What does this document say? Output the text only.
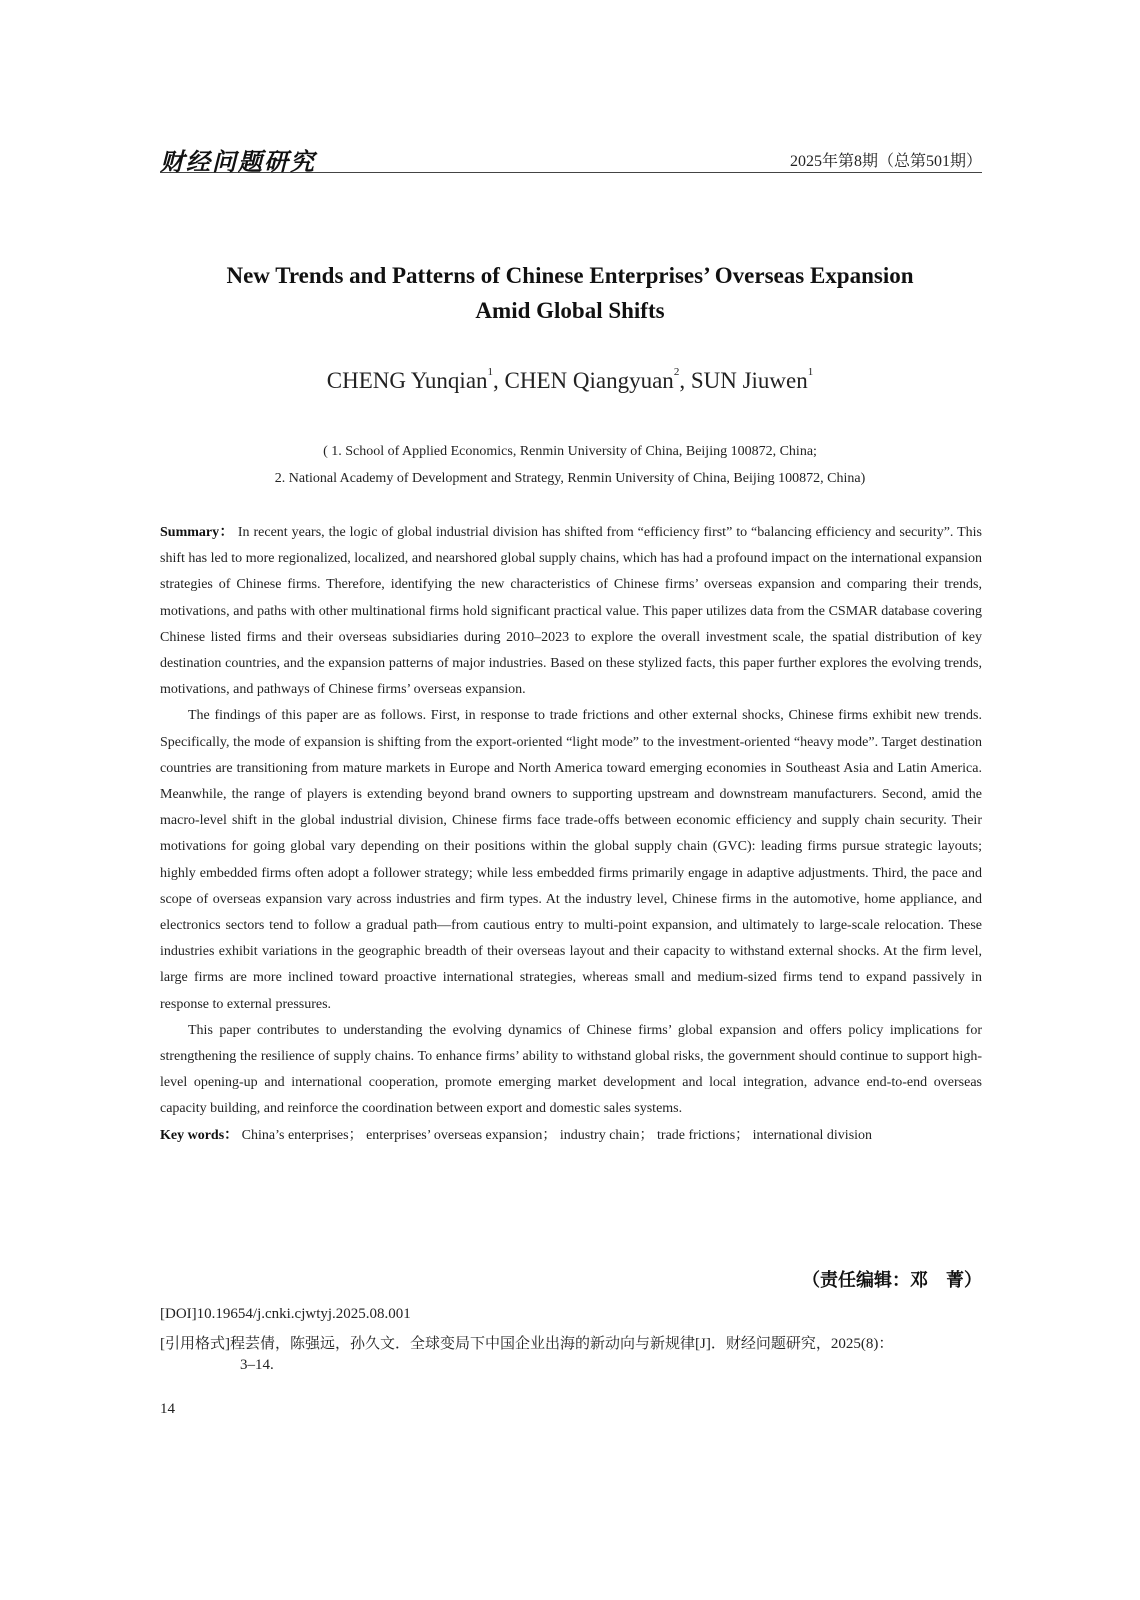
财经问题研究	2025年第8期（总第501期）
New Trends and Patterns of Chinese Enterprises’ Overseas Expansion
Amid Global Shifts
CHENG Yunqian$^1$, CHEN Qiangyuan$^2$, SUN Jiuwen$^1$
( 1. School of Applied Economics, Renmin University of China, Beijing 100872, China;
2. National Academy of Development and Strategy, Renmin University of China, Beijing 100872, China)

Summary： In recent years, the logic of global industrial division has shifted from “efficiency first” to “balancing efficiency and security”. This shift has led to more regionalized, localized, and nearshored global supply chains, which has had a profound impact on the international expansion strategies of Chinese firms. Therefore, identifying the new characteristics of Chinese firms’ overseas expansion and comparing their trends, motivations, and paths with other multinational firms hold significant practical value. This paper utilizes data from the CSMAR database covering Chinese listed firms and their overseas subsidiaries during 2010–2023 to explore the overall investment scale, the spatial distribution of key destination countries, and the expansion patterns of major industries. Based on these stylized facts, this paper further explores the evolving trends, motivations, and pathways of Chinese firms’ overseas expansion.

The findings of this paper are as follows. First, in response to trade frictions and other external shocks, Chinese firms exhibit new trends. Specifically, the mode of expansion is shifting from the export-oriented “light mode” to the investment-oriented “heavy mode”. Target destination countries are transitioning from mature markets in Europe and North America toward emerging economies in Southeast Asia and Latin America. Meanwhile, the range of players is extending beyond brand owners to supporting upstream and downstream manufacturers. Second, amid the macro-level shift in the global industrial division, Chinese firms face trade-offs between economic efficiency and supply chain security. Their motivations for going global vary depending on their positions within the global supply chain (GVC): leading firms pursue strategic layouts; highly embedded firms often adopt a follower strategy; while less embedded firms primarily engage in adaptive adjustments. Third, the pace and scope of overseas expansion vary across industries and firm types. At the industry level, Chinese firms in the automotive, home appliance, and electronics sectors tend to follow a gradual path—from cautious entry to multi-point expansion, and ultimately to large-scale relocation. These industries exhibit variations in the geographic breadth of their overseas layout and their capacity to withstand external shocks. At the firm level, large firms are more inclined toward proactive international strategies, whereas small and medium-sized firms tend to expand passively in response to external pressures.

This paper contributes to understanding the evolving dynamics of Chinese firms’ global expansion and offers policy implications for strengthening the resilience of supply chains. To enhance firms’ ability to withstand global risks, the government should continue to support high-level opening-up and international cooperation, promote emerging market development and local integration, advance end-to-end overseas capacity building, and reinforce the coordination between export and domestic sales systems.

Key words： China’s enterprises； enterprises’ overseas expansion； industry chain； trade frictions； international division

（责任编辑：邓　菁）
[DOI]10.19654/j.cnki.cjwtyj.2025.08.001
[引用格式]程芸倩，陈强远，孙久文．全球变局下中国企业出海的新动向与新规律[J]．财经问题研究，2025(8)：
3–14.
14
